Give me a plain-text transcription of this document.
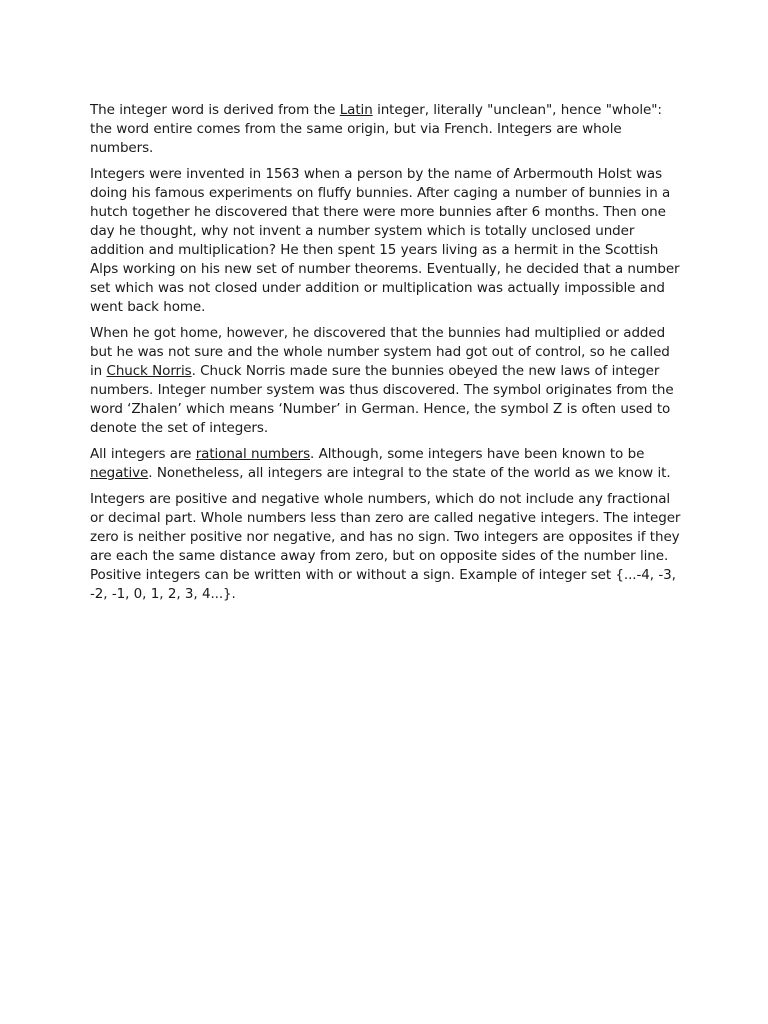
The integer word is derived from the Latin integer, literally "unclean", hence "whole": the word entire comes from the same origin, but via French. Integers are whole numbers.

Integers were invented in 1563 when a person by the name of Arbermouth Holst was doing his famous experiments on fluffy bunnies. After caging a number of bunnies in a hutch together he discovered that there were more bunnies after 6 months. Then one day he thought, why not invent a number system which is totally unclosed under addition and multiplication? He then spent 15 years living as a hermit in the Scottish Alps working on his new set of number theorems. Eventually, he decided that a number set which was not closed under addition or multiplication was actually impossible and went back home.

When he got home, however, he discovered that the bunnies had multiplied or added but he was not sure and the whole number system had got out of control, so he called in Chuck Norris. Chuck Norris made sure the bunnies obeyed the new laws of integer numbers. Integer number system was thus discovered. The symbol originates from the word ‘Zhalen’ which means ‘Number’ in German. Hence, the symbol Z is often used to denote the set of integers.

All integers are rational numbers. Although, some integers have been known to be negative. Nonetheless, all integers are integral to the state of the world as we know it.

Integers are positive and negative whole numbers, which do not include any fractional or decimal part. Whole numbers less than zero are called negative integers. The integer zero is neither positive nor negative, and has no sign. Two integers are opposites if they are each the same distance away from zero, but on opposite sides of the number line. Positive integers can be written with or without a sign. Example of integer set {...-4, -3, -2, -1, 0, 1, 2, 3, 4...}.
